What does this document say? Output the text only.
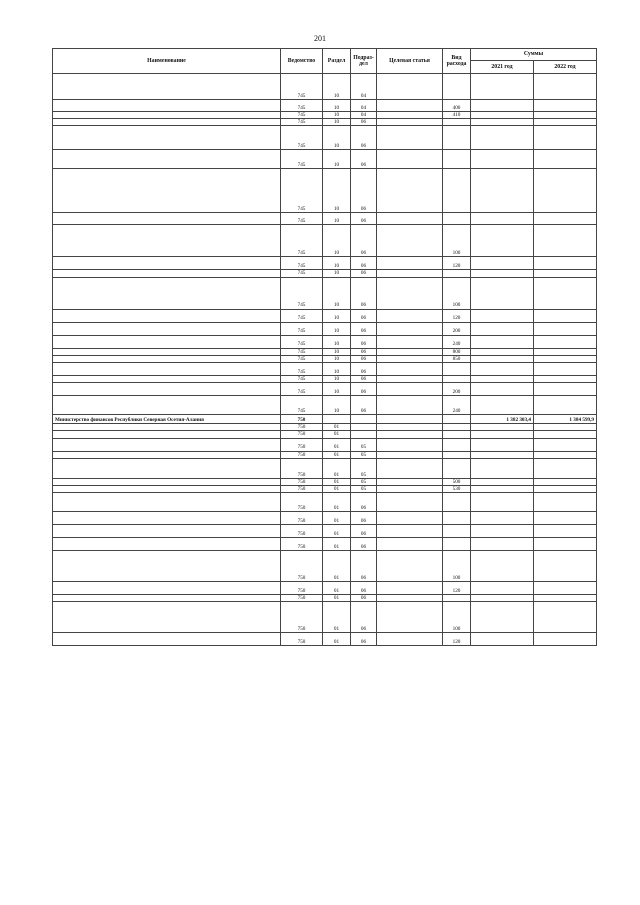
201
Наименование	Ведомство	Раздел	Подраз-дел	Целевая статья	Вид расхода	Суммы	
						2021 год	2022 год
	745	10	04				
	745	10	04		400		
	745	10	04		410		
	745	10	06				
	745	10	06				
	745	10	06				
	745	10	06				
	745	10	06				
	745	10	06		100		
	745	10	06		120		
	745	10	06				
	745	10	06		100		
	745	10	06		120		
	745	10	06		200		
	745	10	06		240		
	745	10	06		800		
	745	10	06		850		
	745	10	06				
	745	10	06				
	745	10	06		200		
	745	10	06		240		
Министерство финансов Республики Северная Осетия-Алания	750					1 382 303,4	1 384 599,9
	750	01					
	750	01					
	750	01	05				
	750	01	05				
	750	01	05				
	750	01	05		500		
	750	01	05		530		
	750	01	06				
	750	01	06				
	750	01	06				
	750	01	06				
	750	01	06		100		
	750	01	06		120		
	750	01	06				
	750	01	06		100		
	750	01	06		120		
